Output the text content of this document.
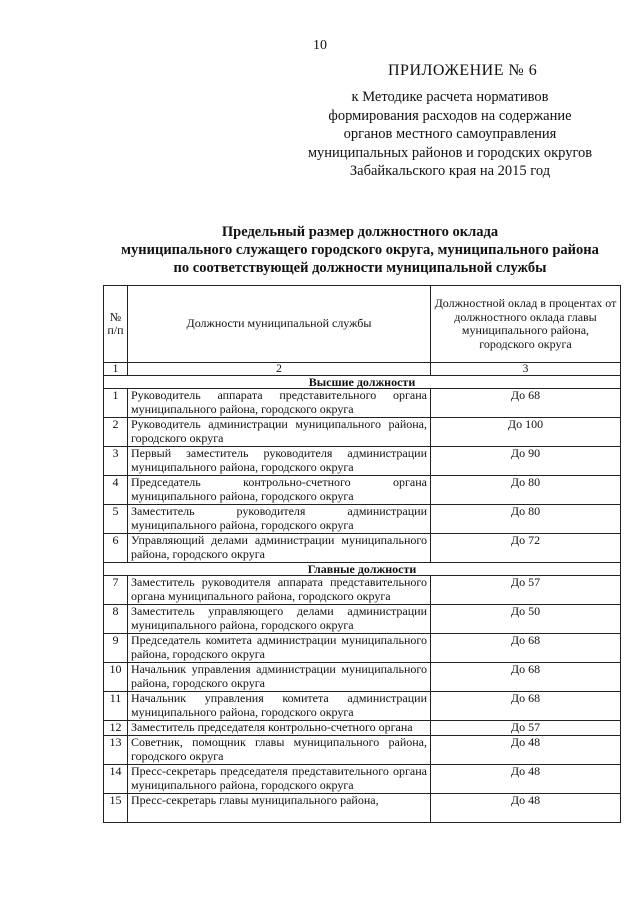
10
ПРИЛОЖЕНИЕ № 6
к Методике расчета нормативов
формирования расходов на содержание
органов местного самоуправления
муниципальных районов и городских округов
Забайкальского края на 2015 год
Предельный размер должностного оклада
муниципального служащего городского округа, муниципального района
по соответствующей должности муниципальной службы
№ п/п	Должности муниципальной службы	Должностной оклад в процентах от должностного оклада главы муниципального района, городского округа
1	2	3
Высшие должности		
1	Руководитель аппарата представительного органа муниципального района, городского округа	До 68
2	Руководитель администрации муниципального района, городского округа	До 100
3	Первый заместитель руководителя администрации муниципального района, городского округа	До 90
4	Председатель контрольно-счетного органа муниципального района, городского округа	До 80
5	Заместитель руководителя администрации муниципального района, городского округа	До 80
6	Управляющий делами администрации муниципального района, городского округа	До 72
Главные должности		
7	Заместитель руководителя аппарата представительного органа муниципального района, городского округа	До 57
8	Заместитель управляющего делами администрации муниципального района, городского округа	До 50
9	Председатель комитета администрации муниципального района, городского округа	До 68
10	Начальник управления администрации муниципального района, городского округа	До 68
11	Начальник управления комитета администрации муниципального района, городского округа	До 68
12	Заместитель председателя контрольно-счетного органа	До 57
13	Советник, помощник главы муниципального района, городского округа	До 48
14	Пресс-секретарь председателя представительного органа муниципального района, городского округа	До 48
15	Пресс-секретарь главы муниципального района,	До 48
